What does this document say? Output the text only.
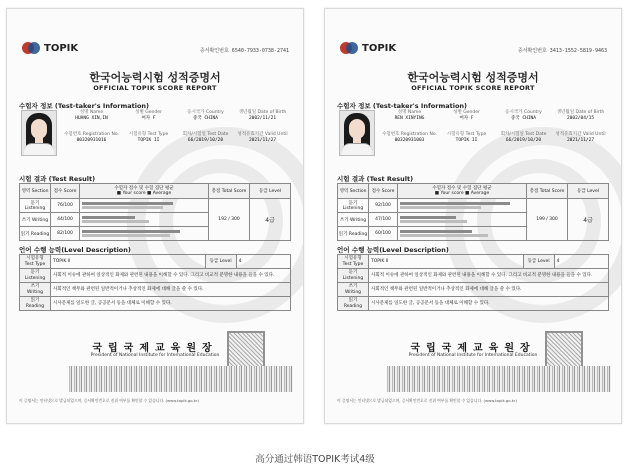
TOPIK	증서확인번호 6540-7933-0738-2741
한국어능력시험 성적증명서
OFFICIAL TOPIK SCORE REPORT
수험자 정보 (Test-taker's Information)
성명 Name
HUANG XIN,IN
성별 Gender
여자 F
응시국가 Country
중국 CHINA
생년월일 Date of Birth
2002/11/21
수험번호 Registration No.
00320931016
시험유형 Test Type
TOPIK II
회차/시험일 Test Date
66/2019/10/20
성적유효기간 Valid Until
2021/11/27
시험 결과 (Test Result)
영역 Section	점수 Score	수험자 점수 및 수험 집단 평균
■ Your score ■ Average	총점 Total Score	등급 Level
듣기 Listening	76/100		192 / 300	4급
쓰기 Writing	44/100			

읽기 Reading	82/100			
언어 수행 능력(Level Description)
시험유형 Test Type	TOPIK II	등급 Level	4
듣기
Listening	사회적 이슈에 관하여 일상적인 화제와 관련된 내용을 이해할 수 있다. 그리고 비교적 분명한 내용을 들을 수 있다.		
쓰기
Writing	사회적인 책무와 관련된 일반적이거나 추상적인 화제에 대해 글을 쓸 수 있다.		
읽기
Reading	시사문제를 일도한 글, 공공문서 등을 대체로 이해할 수 있다.		
국립국제교육원장
President of National Institute for International Education
이 증명서는 인터넷으로 발급되었으며, 증서확인번호로 진위 여부를 확인할 수 있습니다. (www.topik.go.kr)
TOPIK	증서확인번호 3413-1552-5819-9463
한국어능력시험 성적증명서
OFFICIAL TOPIK SCORE REPORT
수험자 정보 (Test-taker's Information)
성명 Name
REN XINYING
성별 Gender
여자 F
응시국가 Country
중국 CHINA
생년월일 Date of Birth
2002/04/15
수험번호 Registration No.
00320931003
시험유형 Test Type
TOPIK II
회차/시험일 Test Date
66/2019/10/20
성적유효기간 Valid Until
2021/11/27
시험 결과 (Test Result)
영역 Section	점수 Score	수험자 점수 및 수험 집단 평균
■ Your score ■ Average	총점 Total Score	등급 Level
듣기 Listening	92/100		199 / 300	4급
쓰기 Writing	47/100			

읽기 Reading	60/100			
언어 수행 능력(Level Description)
시험유형 Test Type	TOPIK II	등급 Level	4
듣기
Listening	사회적 이슈에 관하여 일상적인 화제와 관련된 내용을 이해할 수 있다. 그리고 비교적 분명한 내용을 들을 수 있다.		
쓰기
Writing	사회적인 책무와 관련된 일반적이거나 추상적인 화제에 대해 글을 쓸 수 있다.		
읽기
Reading	시사문제를 일도한 글, 공공문서 등을 대체로 이해할 수 있다.		
국립국제교육원장
President of National Institute for International Education
이 증명서는 인터넷으로 발급되었으며, 증서확인번호로 진위 여부를 확인할 수 있습니다. (www.topik.go.kr)
高分通过韩语TOPIK考试4级
